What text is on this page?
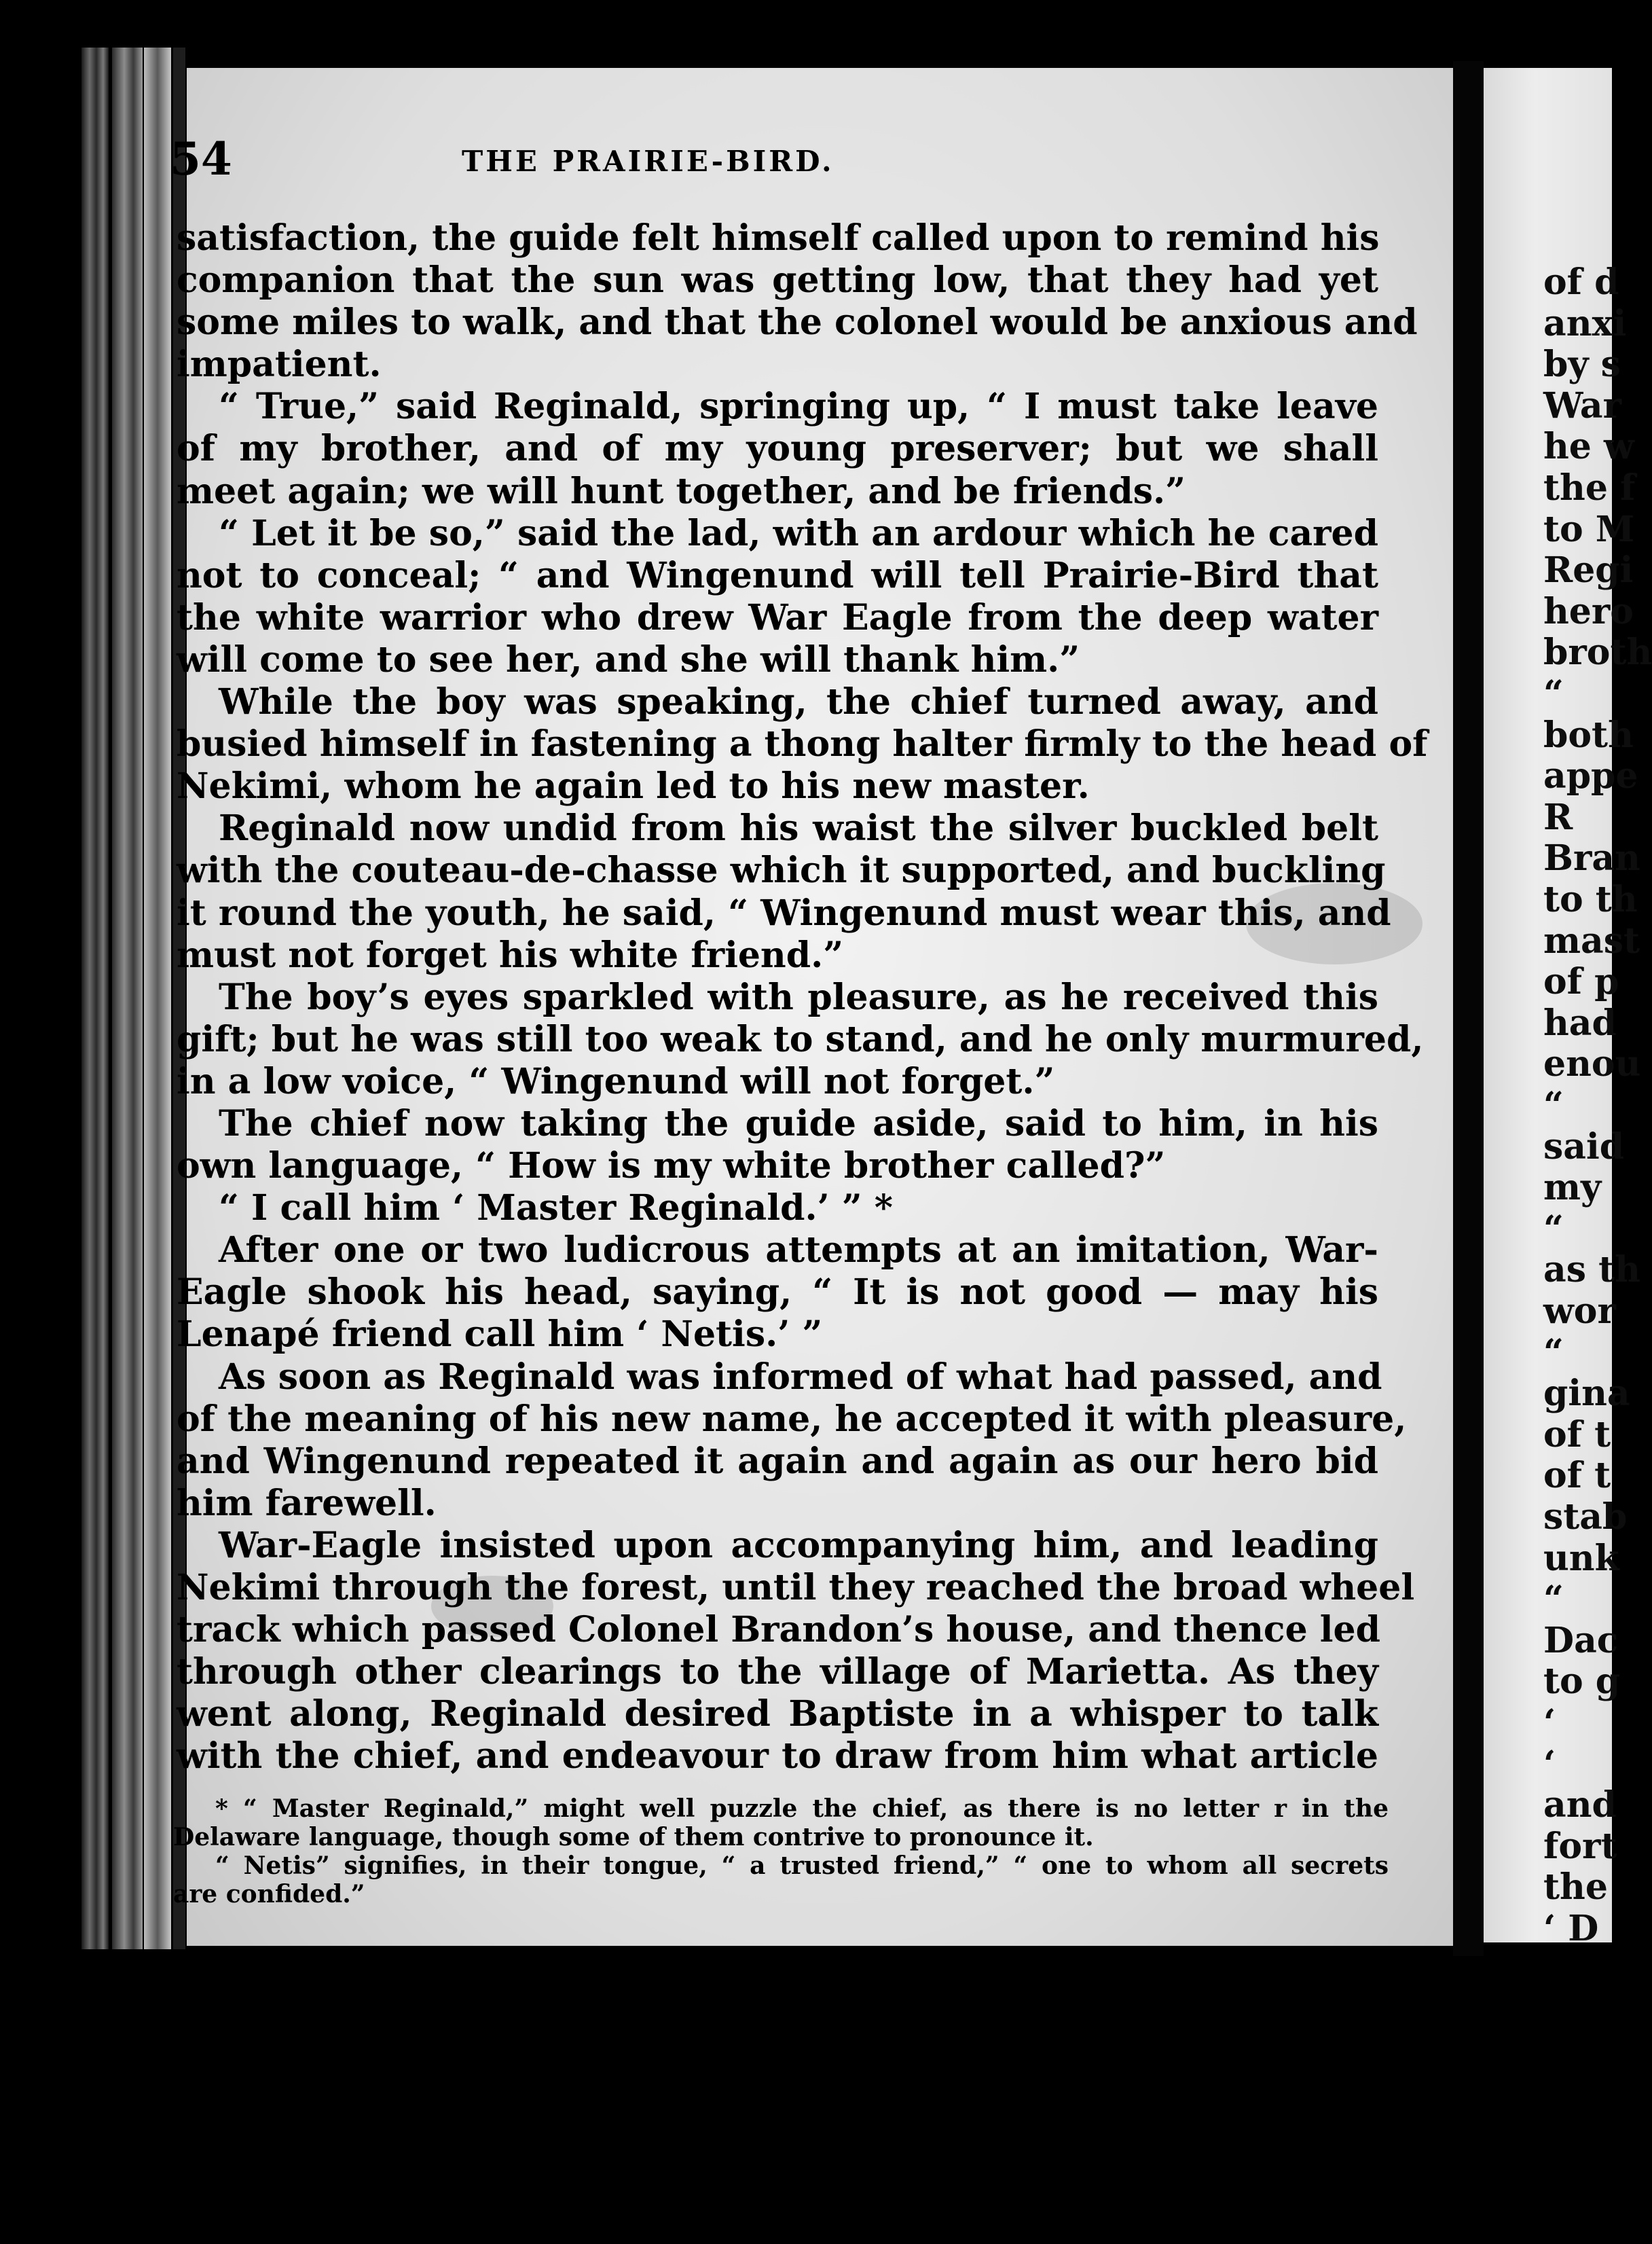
54	THE PRAIRIE-BIRD.
satisfaction, the guide felt himself called upon to remind his
companion that the sun was getting low, that they had yet
some miles to walk, and that the colonel would be anxious and
impatient.
“ True,” said Reginald, springing up, “ I must take leave
of my brother, and of my young preserver; but we shall
meet again; we will hunt together, and be friends.”
“ Let it be so,” said the lad, with an ardour which he cared
not to conceal; “ and Wingenund will tell Prairie-Bird that
the white warrior who drew War Eagle from the deep water
will come to see her, and she will thank him.”
While the boy was speaking, the chief turned away, and
busied himself in fastening a thong halter firmly to the head of
Nekimi, whom he again led to his new master.
Reginald now undid from his waist the silver buckled belt
with the couteau-de-chasse which it supported, and buckling
it round the youth, he said, “ Wingenund must wear this, and
must not forget his white friend.”
The boy’s eyes sparkled with pleasure, as he received this
gift; but he was still too weak to stand, and he only murmured,
in a low voice, “ Wingenund will not forget.”
The chief now taking the guide aside, said to him, in his
own language, “ How is my white brother called?”
“ I call him ‘ Master Reginald.’ ” *
After one or two ludicrous attempts at an imitation, War-
Eagle shook his head, saying, “ It is not good — may his
Lenapé friend call him ‘ Netis.’ ”
As soon as Reginald was informed of what had passed, and
of the meaning of his new name, he accepted it with pleasure,
and Wingenund repeated it again and again as our hero bid
him farewell.
War-Eagle insisted upon accompanying him, and leading
Nekimi through the forest, until they reached the broad wheel
track which passed Colonel Brandon’s house, and thence led
through other clearings to the village of Marietta. As they
went along, Reginald desired Baptiste in a whisper to talk
with the chief, and endeavour to draw from him what article
* “ Master Reginald,” might well puzzle the chief, as there is no letter r in the
Delaware language, though some of them contrive to pronounce it.
“ Netis” signifies, in their tongue, “ a trusted friend,” “ one to whom all secrets
are confided.”
of d
anxi
by s
War
he w
the f
to M
Regi
hero
broth
“
both
appe
R
Bran
to th
mast
of p
had
enou
“
said
my
“
as th
wor
“
gina
of t
of t
stab
unk
“
Dac
to g
‘
‘
and
fort
the
‘ D
